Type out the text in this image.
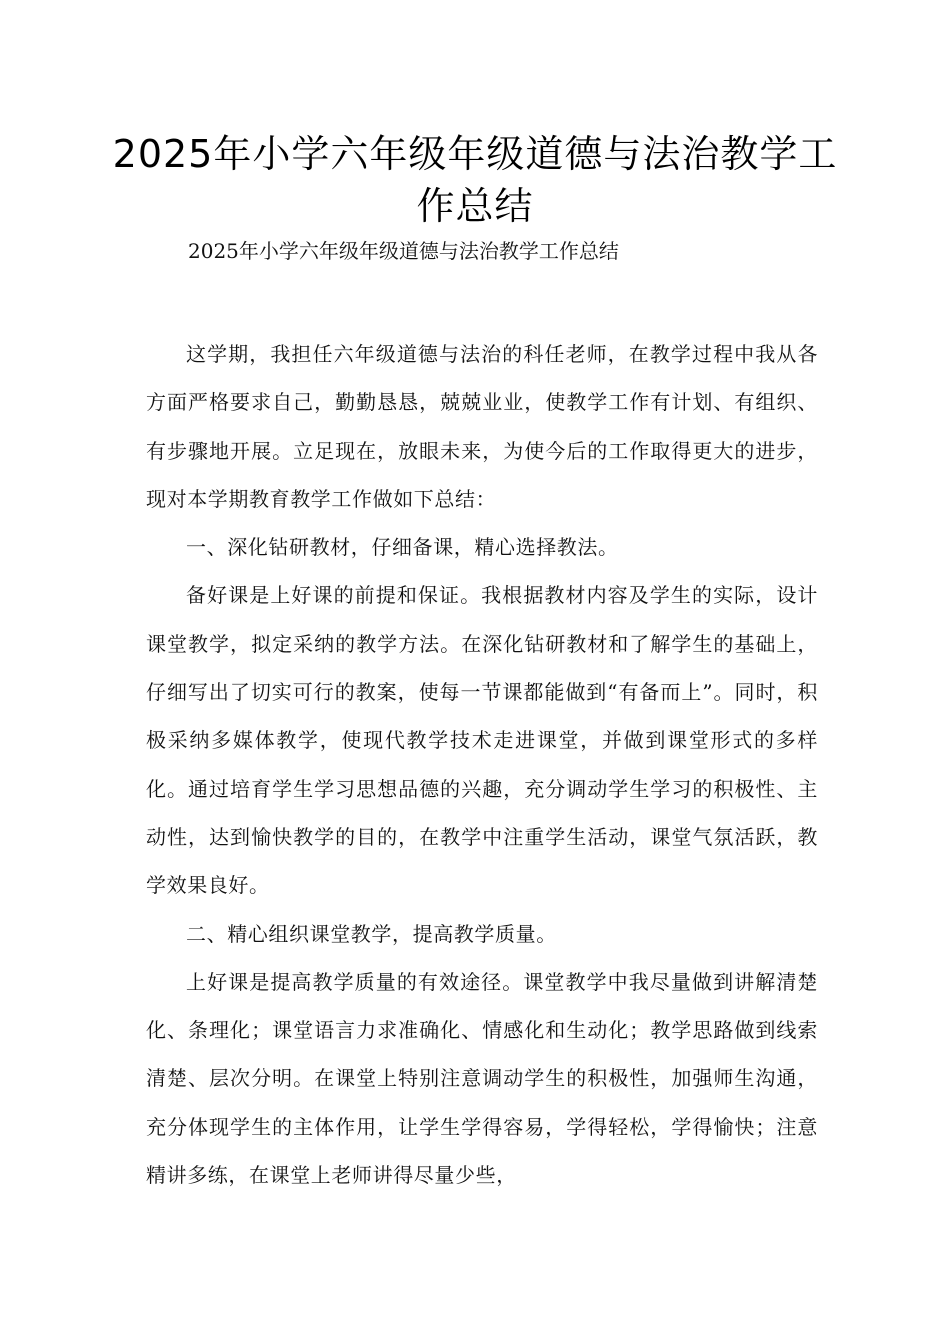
2025年小学六年级年级道德与法治教学工作总结

2025年小学六年级年级道德与法治教学工作总结

这学期，我担任六年级道德与法治的科任老师，在教学过程中我从各方面严格要求自己，勤勤恳恳，兢兢业业，使教学工作有计划、有组织、有步骤地开展。立足现在，放眼未来，为使今后的工作取得更大的进步，现对本学期教育教学工作做如下总结：

一、深化钻研教材，仔细备课，精心选择教法。

备好课是上好课的前提和保证。我根据教材内容及学生的实际，设计课堂教学，拟定采纳的教学方法。在深化钻研教材和了解学生的基础上，仔细写出了切实可行的教案，使每一节课都能做到“有备而上”。同时，积极采纳多媒体教学，使现代教学技术走进课堂，并做到课堂形式的多样化。通过培育学生学习思想品德的兴趣，充分调动学生学习的积极性、主动性，达到愉快教学的目的，在教学中注重学生活动，课堂气氛活跃，教学效果良好。

二、精心组织课堂教学，提高教学质量。

上好课是提高教学质量的有效途径。课堂教学中我尽量做到讲解清楚化、条理化；课堂语言力求准确化、情感化和生动化；教学思路做到线索清楚、层次分明。在课堂上特别注意调动学生的积极性，加强师生沟通，充分体现学生的主体作用，让学生学得容易，学得轻松，学得愉快；注意精讲多练，在课堂上老师讲得尽量少些，
